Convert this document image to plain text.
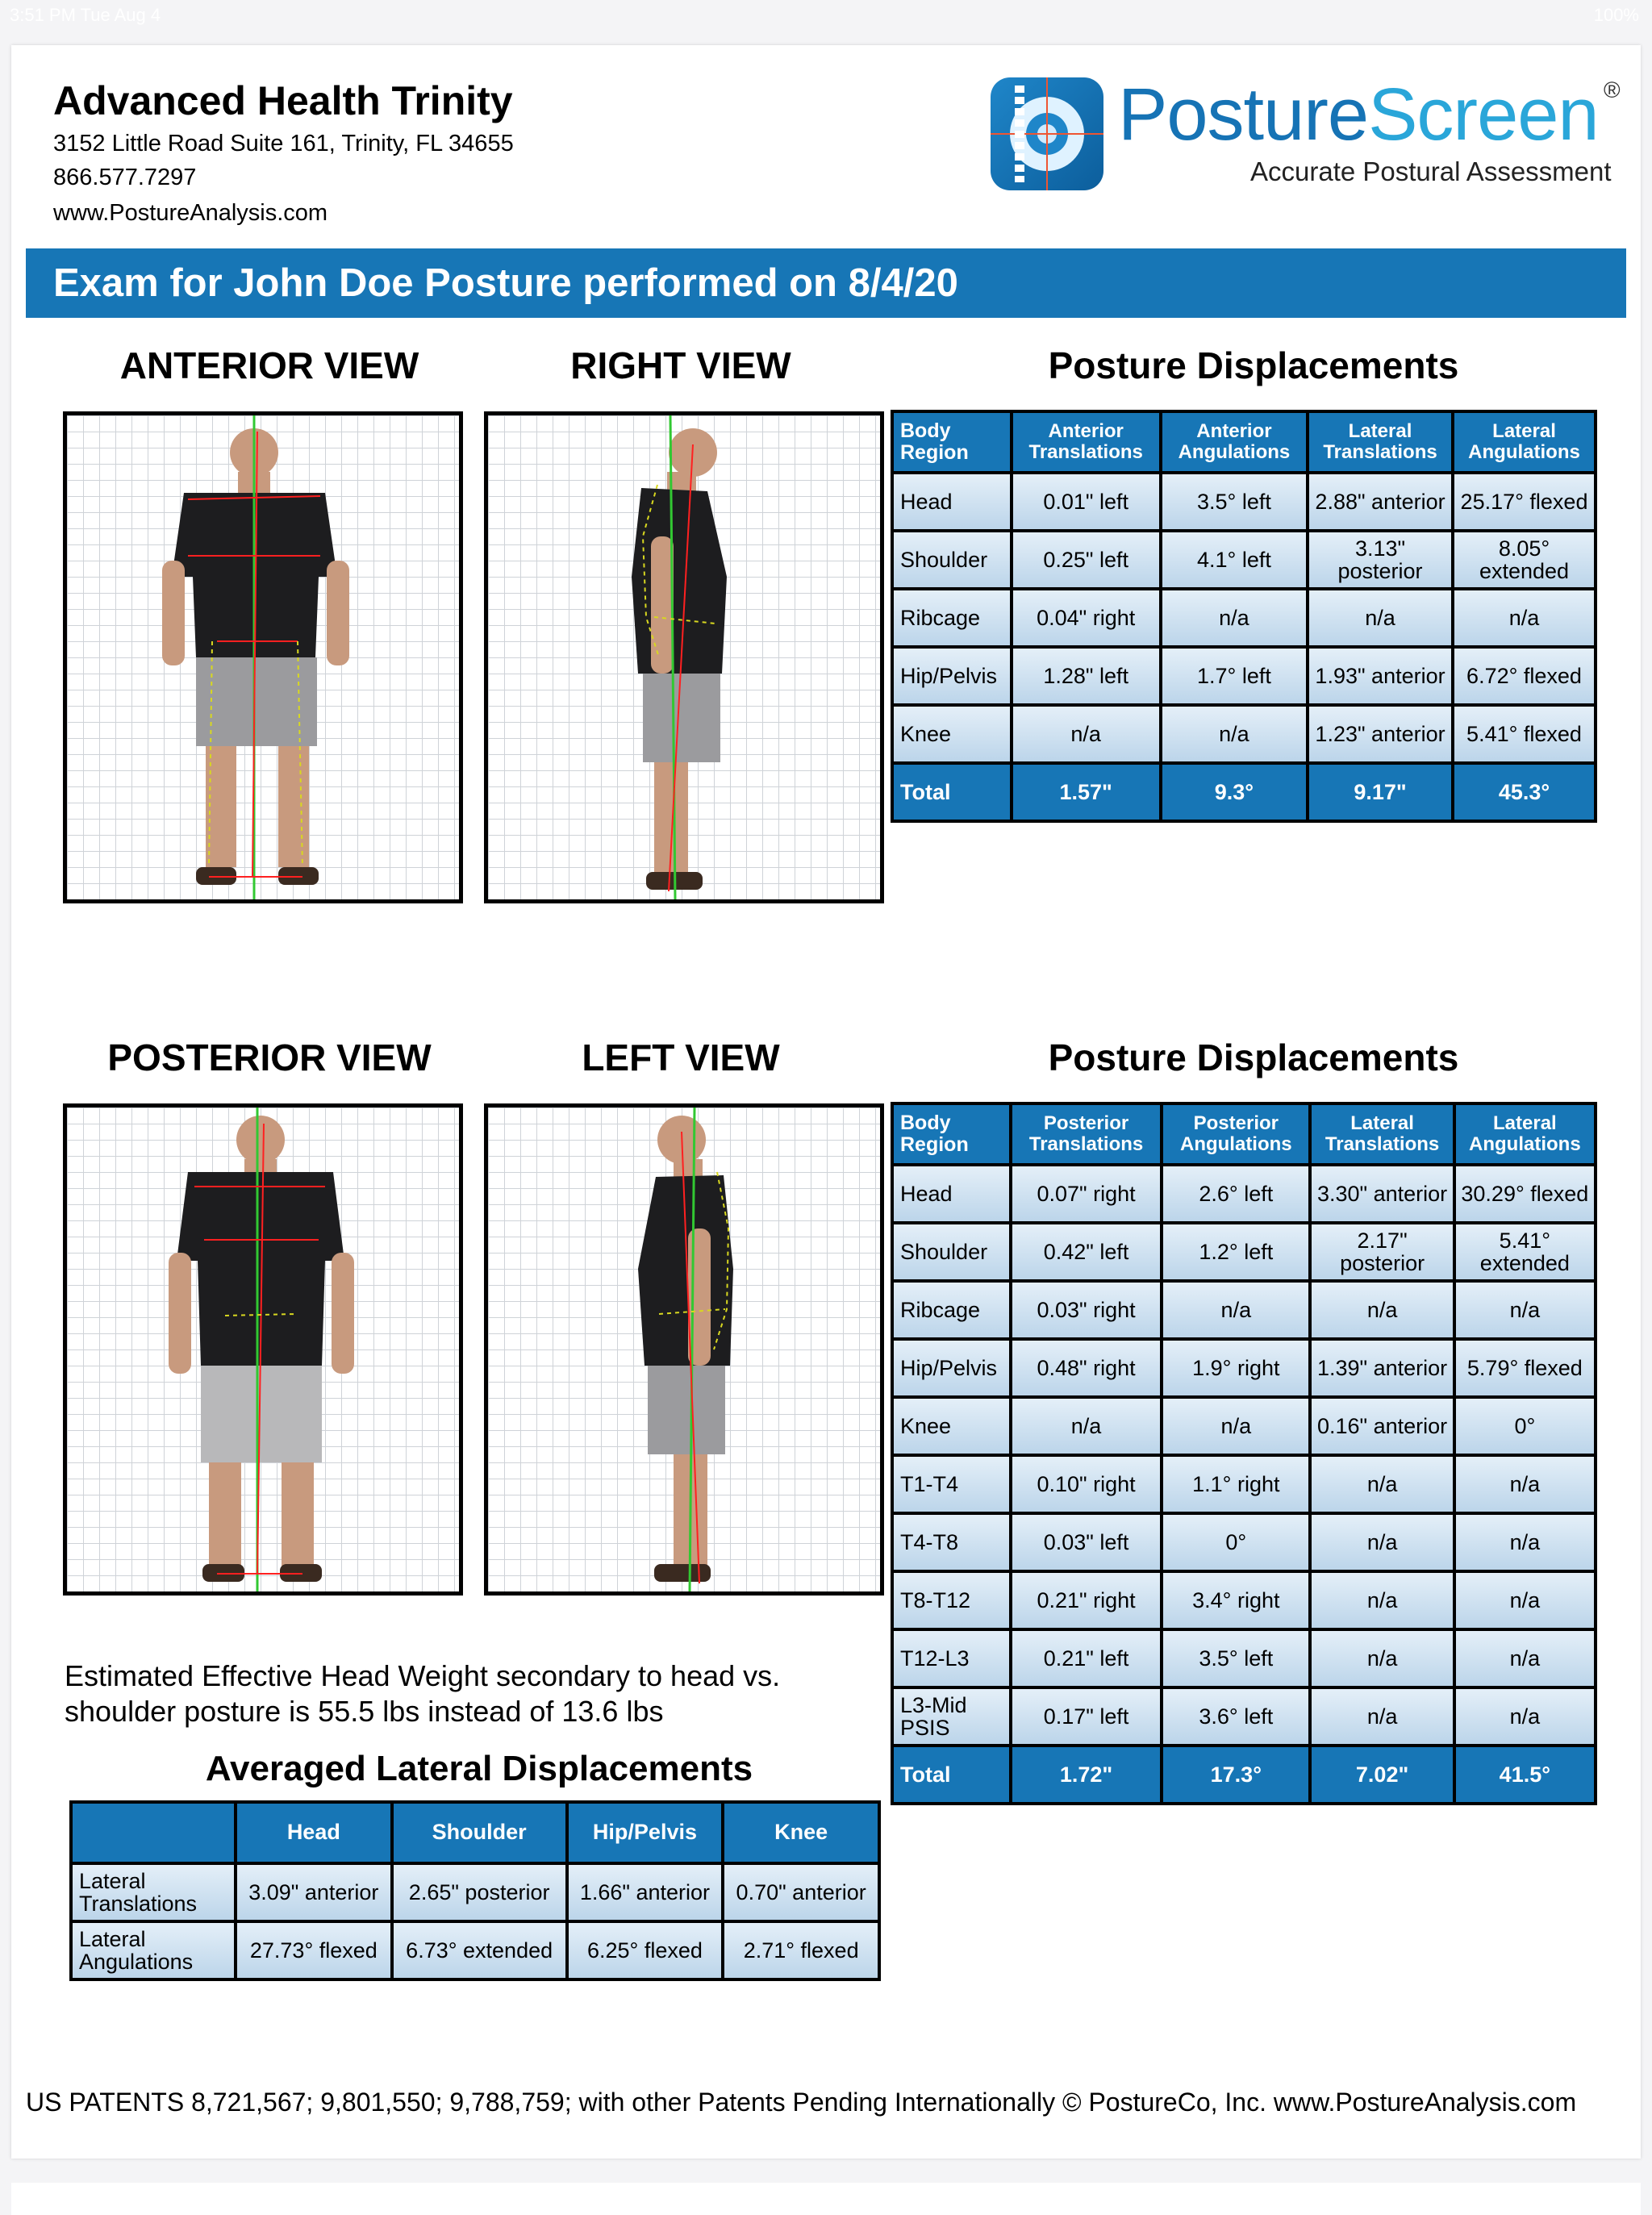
3:51 PM Tue Aug 4	100%
Advanced Health Trinity
3152 Little Road Suite 161, Trinity, FL 34655
866.577.7297
www.PostureAnalysis.com
PostureScreen ®
Accurate Postural Assessment
Exam for John Doe Posture performed on 8/4/20
ANTERIOR VIEW	RIGHT VIEW	Posture Displacements
Body Region	Anterior Translations	Anterior Angulations	Lateral Translations	Lateral Angulations
Head	0.01" left	3.5° left	2.88" anterior	25.17° flexed
Shoulder	0.25" left	4.1° left	3.13" posterior	8.05° extended
Ribcage	0.04" right	n/a	n/a	n/a
Hip/Pelvis	1.28" left	1.7° left	1.93" anterior	6.72° flexed
Knee	n/a	n/a	1.23" anterior	5.41° flexed
Total	1.57"	9.3°	9.17"	45.3°
POSTERIOR VIEW	LEFT VIEW	Posture Displacements
Body Region	Posterior Translations	Posterior Angulations	Lateral Translations	Lateral Angulations
Head	0.07" right	2.6° left	3.30" anterior	30.29° flexed
Shoulder	0.42" left	1.2° left	2.17" posterior	5.41° extended
Ribcage	0.03" right	n/a	n/a	n/a
Hip/Pelvis	0.48" right	1.9° right	1.39" anterior	5.79° flexed
Knee	n/a	n/a	0.16" anterior	0°
T1-T4	0.10" right	1.1° right	n/a	n/a
T4-T8	0.03" left	0°	n/a	n/a
T8-T12	0.21" right	3.4° right	n/a	n/a
T12-L3	0.21" left	3.5° left	n/a	n/a
L3-Mid PSIS	0.17" left	3.6° left	n/a	n/a
Total	1.72"	17.3°	7.02"	41.5°
Estimated Effective Head Weight secondary to head vs. shoulder posture is 55.5 lbs instead of 13.6 lbs
Averaged Lateral Displacements
	Head	Shoulder	Hip/Pelvis	Knee
Lateral Translations	3.09" anterior	2.65" posterior	1.66" anterior	0.70" anterior
Lateral Angulations	27.73° flexed	6.73° extended	6.25° flexed	2.71° flexed
US PATENTS 8,721,567; 9,801,550; 9,788,759; with other Patents Pending Internationally © PostureCo, Inc. www.PostureAnalysis.com
